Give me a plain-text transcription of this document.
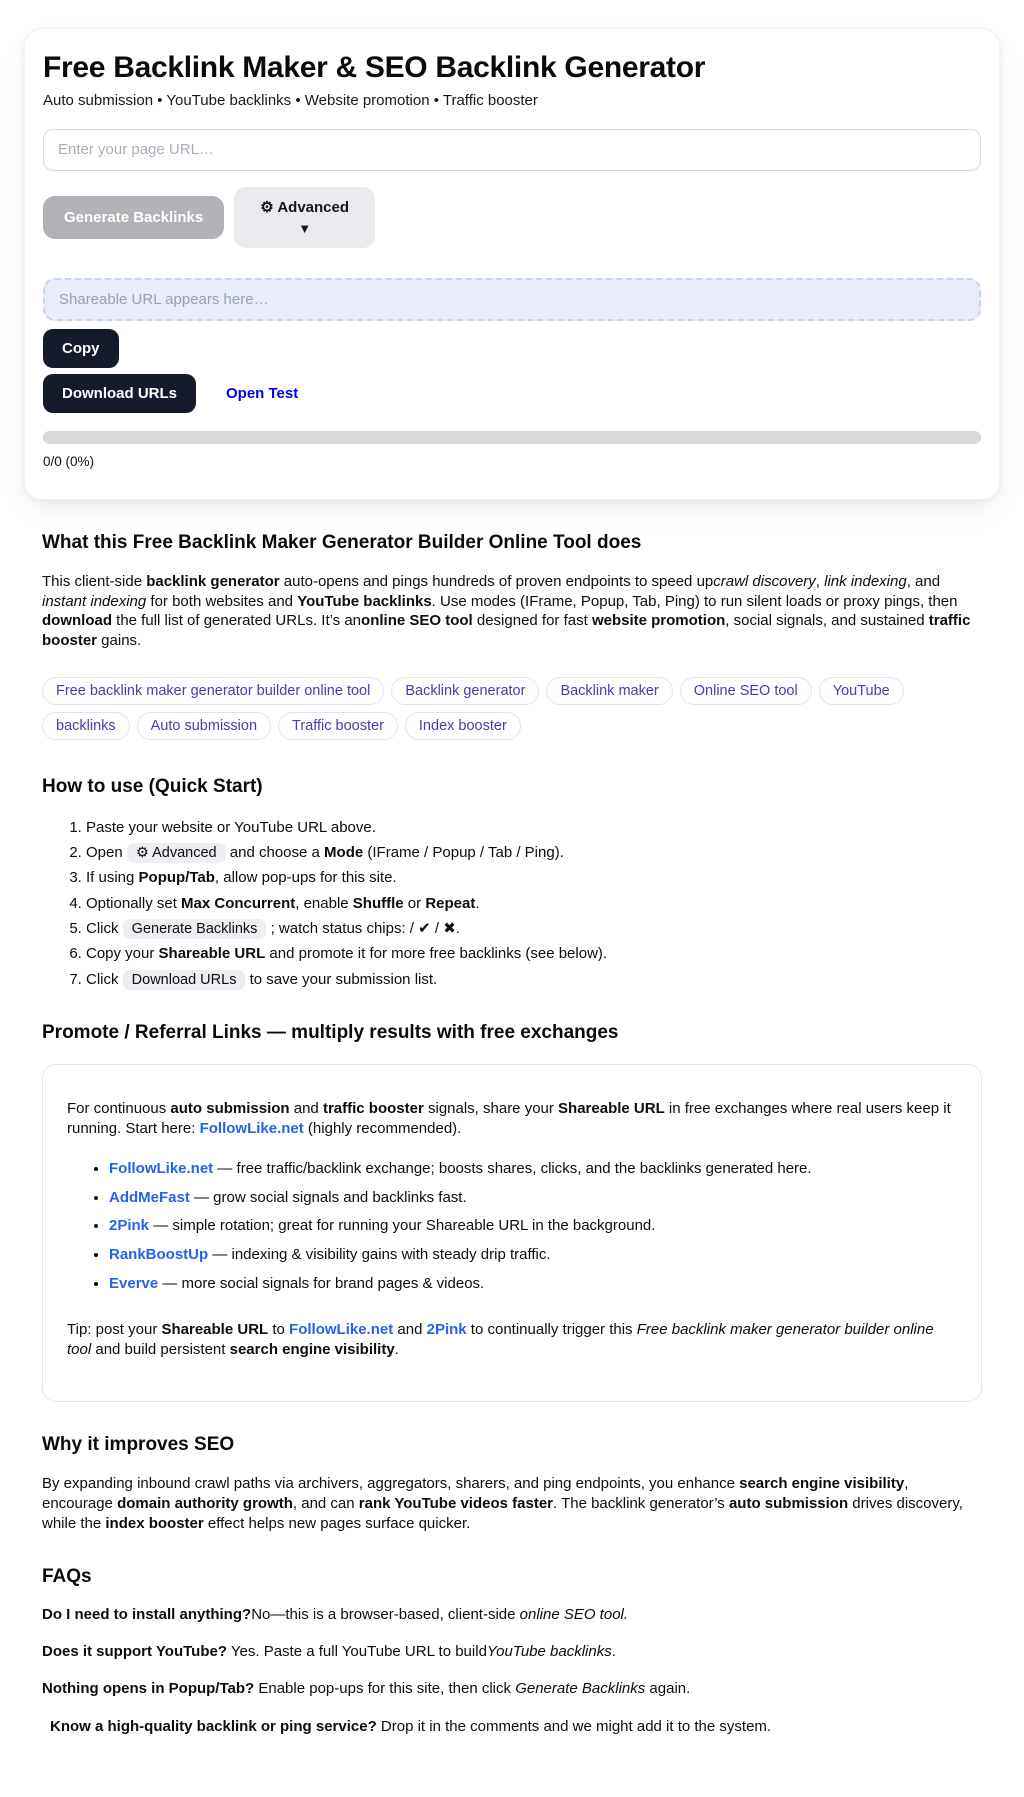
Free Backlink Maker & SEO Backlink Generator

Auto submission • YouTube backlinks • Website promotion • Traffic booster

Enter your page URL…
Generate Backlinks
⚙ Advanced
▼
Shareable URL appears here…
Copy
Download URLs	Open Test
0/0 (0%)
What this Free Backlink Maker Generator Builder Online Tool does

This client-side backlink generator auto-opens and pings hundreds of proven endpoints to speed upcrawl discovery, link indexing, and instant indexing for both websites and YouTube backlinks. Use modes (IFrame, Popup, Tab, Ping) to run silent loads or proxy pings, then download the full list of generated URLs. It’s anonline SEO tool designed for fast website promotion, social signals, and sustained traffic booster gains.

Free backlink maker generator builder online tool Backlink generator Backlink maker Online SEO tool YouTube backlinks Auto submission Traffic booster Index booster
How to use (Quick Start)
1. Paste your website or YouTube URL above.
2. Open ⚙ Advanced and choose a Mode (IFrame / Popup / Tab / Ping).
3. If using Popup/Tab, allow pop-ups for this site.
4. Optionally set Max Concurrent, enable Shuffle or Repeat.
5. Click Generate Backlinks ; watch status chips: / ✔ / ✖.
6. Copy your Shareable URL and promote it for more free backlinks (see below).
7. Click Download URLs to save your submission list.
Promote / Referral Links — multiply results with free exchanges

For continuous auto submission and traffic booster signals, share your Shareable URL in free exchanges where real users keep it running. Start here: FollowLike.net (highly recommended).

• FollowLike.net — free traffic/backlink exchange; boosts shares, clicks, and the backlinks generated here.
• AddMeFast — grow social signals and backlinks fast.
• 2Pink — simple rotation; great for running your Shareable URL in the background.
• RankBoostUp — indexing & visibility gains with steady drip traffic.
• Everve — more social signals for brand pages & videos.

Tip: post your Shareable URL to FollowLike.net and 2Pink to continually trigger this Free backlink maker generator builder online tool and build persistent search engine visibility.

Why it improves SEO

By expanding inbound crawl paths via archivers, aggregators, sharers, and ping endpoints, you enhance search engine visibility, encourage domain authority growth, and can rank YouTube videos faster. The backlink generator’s auto submission drives discovery, while the index booster effect helps new pages surface quicker.

FAQs

Do I need to install anything?No—this is a browser-based, client-side online SEO tool.

Does it support YouTube? Yes. Paste a full YouTube URL to buildYouTube backlinks.

Nothing opens in Popup/Tab? Enable pop-ups for this site, then click Generate Backlinks again.

Know a high-quality backlink or ping service? Drop it in the comments and we might add it to the system.
